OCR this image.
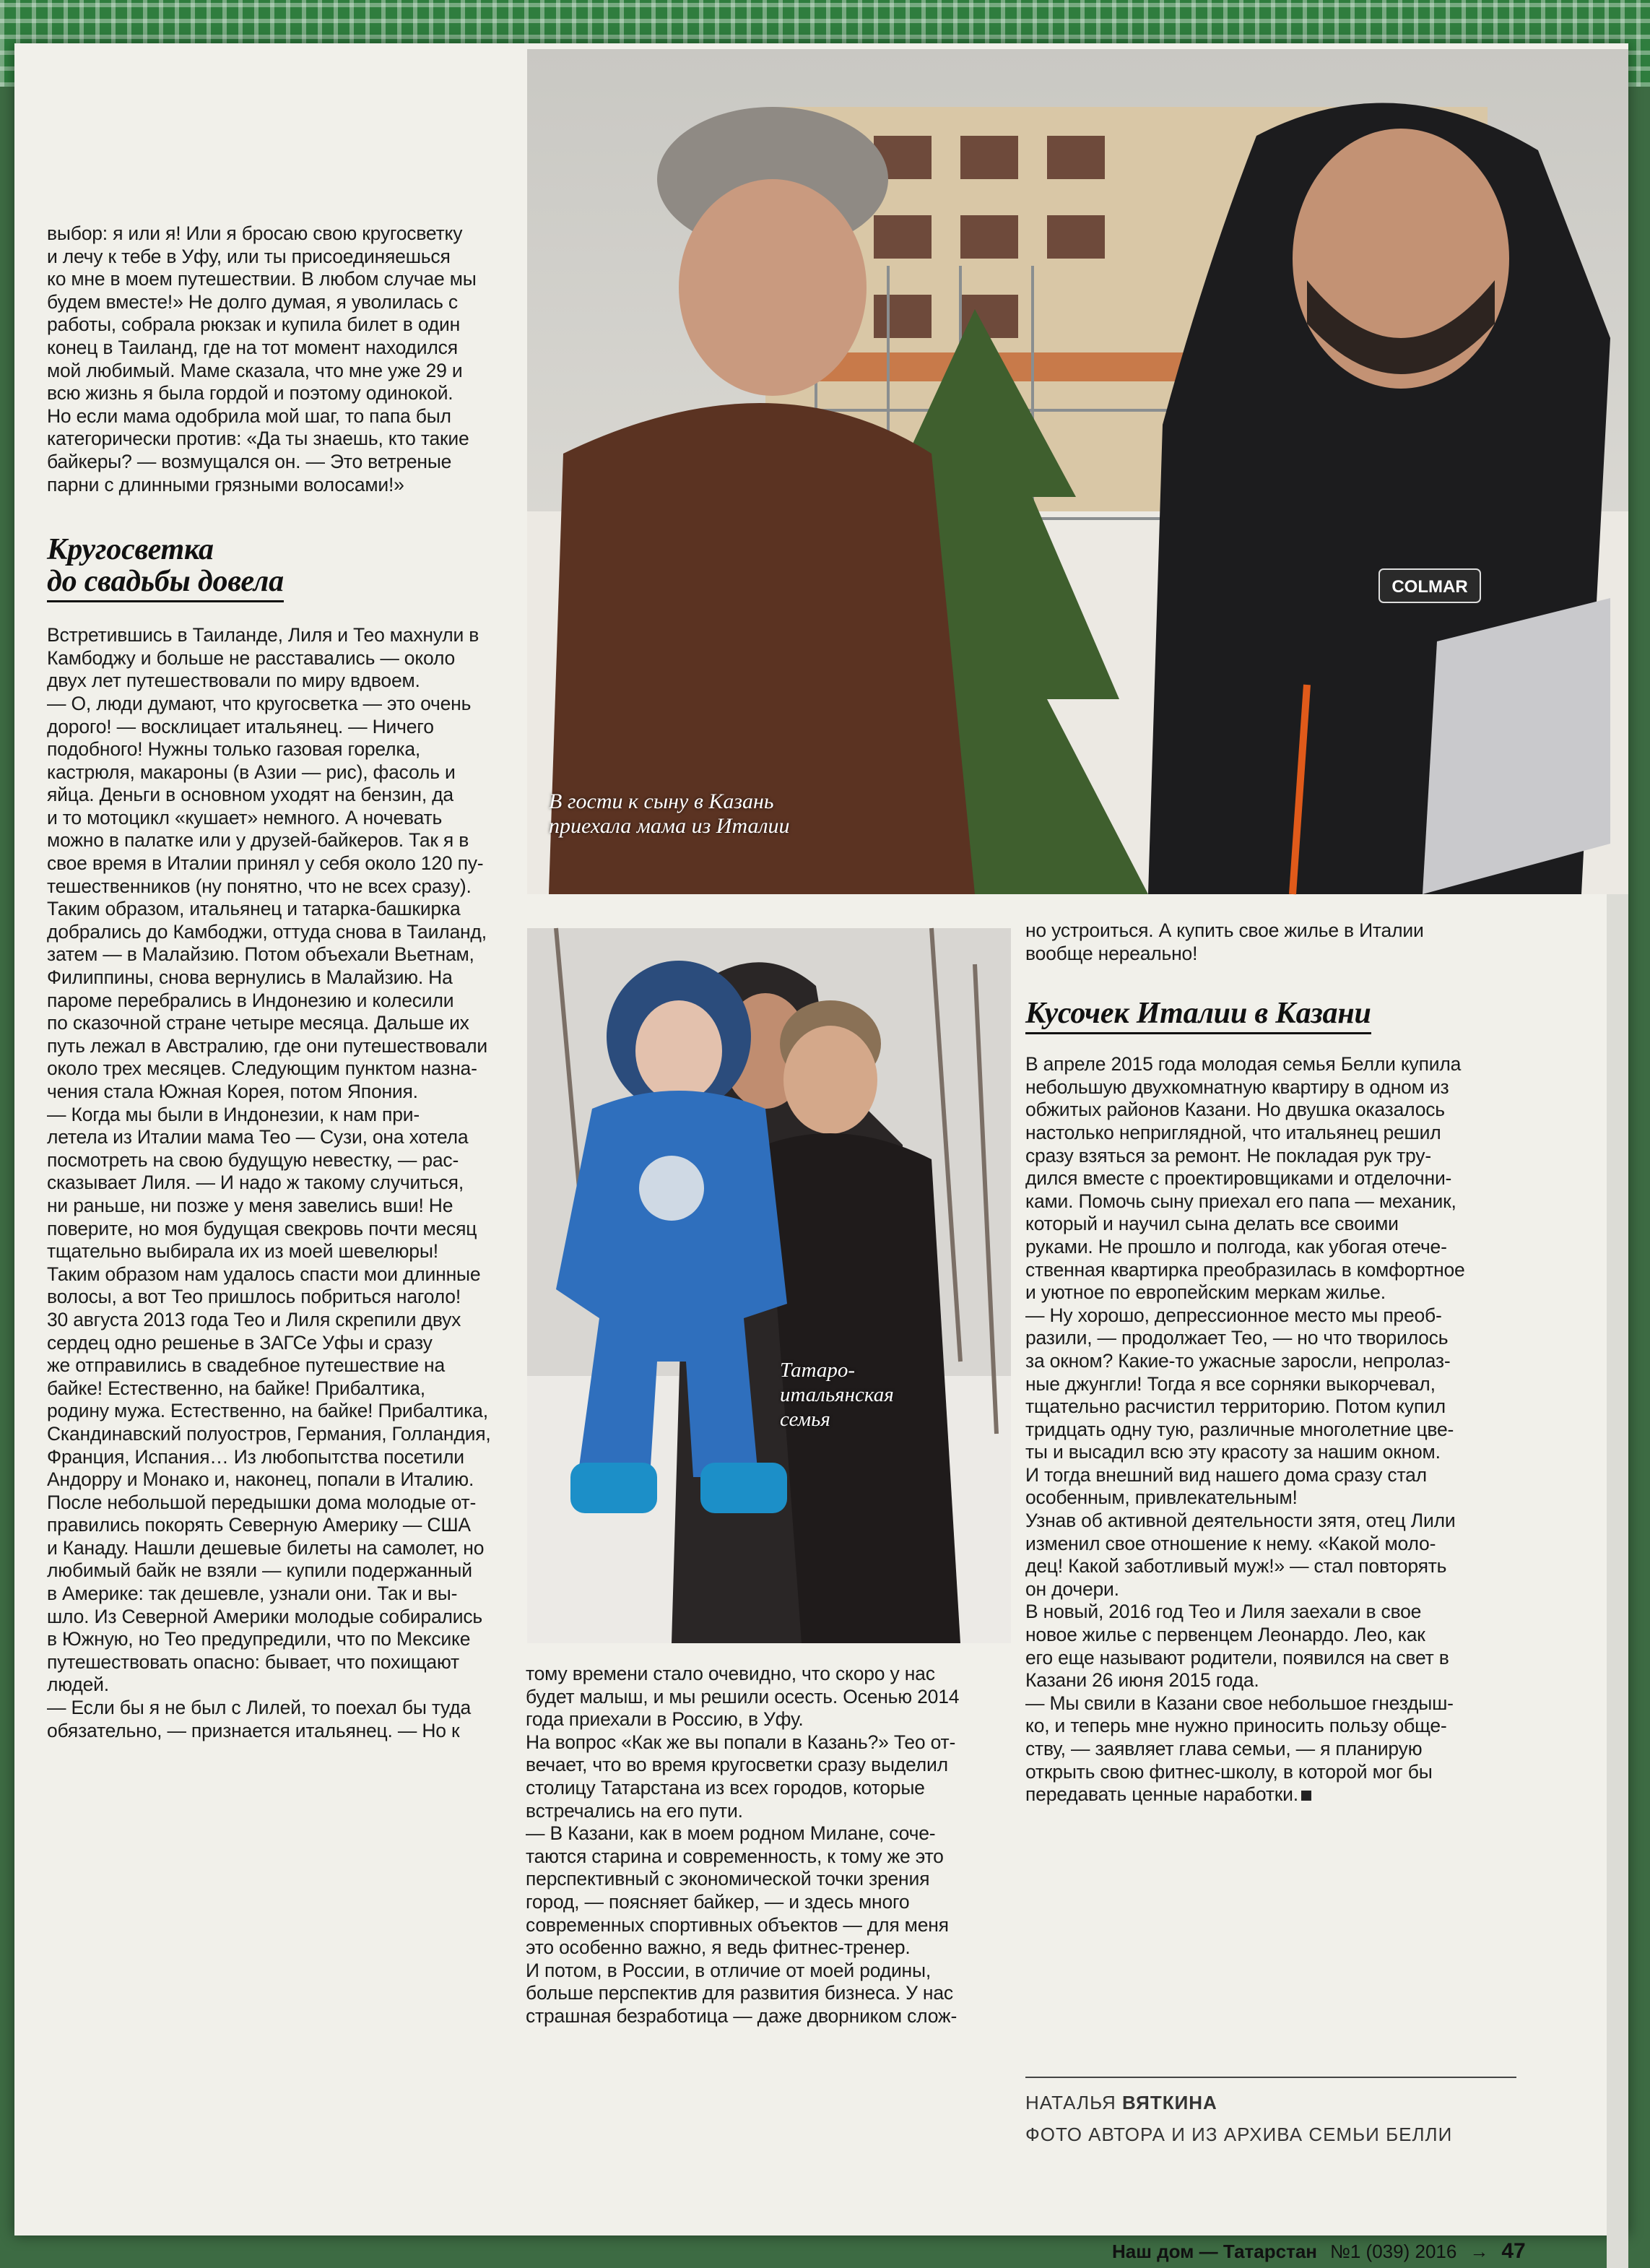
выбор: я или я! Или я бросаю свою кругосветку
и лечу к тебе в Уфу, или ты присоединяешься
ко мне в моем путешествии. В любом случае мы
будем вместе!» Не долго думая, я уволилась с
работы, собрала рюкзак и купила билет в один
конец в Таиланд, где на тот момент находился
мой любимый. Маме сказала, что мне уже 29 и
всю жизнь я была гордой и поэтому одинокой.
Но если мама одобрила мой шаг, то папа был
категорически против: «Да ты знаешь, кто такие
байкеры? — возмущался он. — Это ветреные
парни с длинными грязными волосами!»

Кругосветка
до свадьбы довела

Встретившись в Таиланде, Лиля и Тео махнули в
Камбоджу и больше не расставались — около
двух лет путешествовали по миру вдвоем.
— О, люди думают, что кругосветка — это очень
дорого! — восклицает итальянец. — Ничего
подобного! Нужны только газовая горелка,
кастрюля, макароны (в Азии — рис), фасоль и
яйца. Деньги в основном уходят на бензин, да
и то мотоцикл «кушает» немного. А ночевать
можно в палатке или у друзей-байкеров. Так я в
свое время в Италии принял у себя около 120 пу-
тешественников (ну понятно, что не всех сразу).
Таким образом, итальянец и татарка-башкирка
добрались до Камбоджи, оттуда снова в Таиланд,
затем — в Малайзию. Потом объехали Вьетнам,
Филиппины, снова вернулись в Малайзию. На
пароме перебрались в Индонезию и колесили
по сказочной стране четыре месяца. Дальше их
путь лежал в Австралию, где они путешествовали
около трех месяцев. Следующим пунктом назна-
чения стала Южная Корея, потом Япония.
— Когда мы были в Индонезии, к нам при-
летела из Италии мама Тео — Сузи, она хотела
посмотреть на свою будущую невестку, — рас-
сказывает Лиля. — И надо ж такому случиться,
ни раньше, ни позже у меня завелись вши! Не
поверите, но моя будущая свекровь почти месяц
тщательно выбирала их из моей шевелюры!
Таким образом нам удалось спасти мои длинные
волосы, а вот Тео пришлось побриться наголо!
30 августа 2013 года Тео и Лиля скрепили двух
сердец одно решенье в ЗАГСе Уфы и сразу
же отправились в свадебное путешествие на
байке! Естественно, на байке! Прибалтика,
родину мужа. Естественно, на байке! Прибалтика,
Скандинавский полуостров, Германия, Голландия,
Франция, Испания… Из любопытства посетили
Андорру и Монако и, наконец, попали в Италию.
После небольшой передышки дома молодые от-
правились покорять Северную Америку — США
и Канаду. Нашли дешевые билеты на самолет, но
любимый байк не взяли — купили подержанный
в Америке: так дешевле, узнали они. Так и вы-
шло. Из Северной Америки молодые собирались
в Южную, но Тео предупредили, что по Мексике
путешествовать опасно: бывает, что похищают
людей.
— Если бы я не был с Лилей, то поехал бы туда
обязательно, — признается итальянец. — Но к

COLMAR
В гости к сыну в Казань
приехала мама из Италии
Татаро-
итальянская
семья

тому времени стало очевидно, что скоро у нас
будет малыш, и мы решили осесть. Осенью 2014
года приехали в Россию, в Уфу.
На вопрос «Как же вы попали в Казань?» Тео от-
вечает, что во время кругосветки сразу выделил
столицу Татарстана из всех городов, которые
встречались на его пути.
— В Казани, как в моем родном Милане, соче-
таются старина и современность, к тому же это
перспективный с экономической точки зрения
город, — поясняет байкер, — и здесь много
современных спортивных объектов — для меня
это особенно важно, я ведь фитнес-тренер.
И потом, в России, в отличие от моей родины,
больше перспектив для развития бизнеса. У нас
страшная безработица — даже дворником слож-

но устроиться. А купить свое жилье в Италии
вообще нереально!

Кусочек Италии в Казани

В апреле 2015 года молодая семья Белли купила
небольшую двухкомнатную квартиру в одном из
обжитых районов Казани. Но двушка оказалось
настолько неприглядной, что итальянец решил
сразу взяться за ремонт. Не покладая рук тру-
дился вместе с проектировщиками и отделочни-
ками. Помочь сыну приехал его папа — механик,
который и научил сына делать все своими
руками. Не прошло и полгода, как убогая отече-
ственная квартирка преобразилась в комфортное
и уютное по европейским меркам жилье.
— Ну хорошо, депрессионное место мы преоб-
разили, — продолжает Тео, — но что творилось
за окном? Какие-то ужасные заросли, непролаз-
ные джунгли! Тогда я все сорняки выкорчевал,
тщательно расчистил территорию. Потом купил
тридцать одну тую, различные многолетние цве-
ты и высадил всю эту красоту за нашим окном.
И тогда внешний вид нашего дома сразу стал
особенным, привлекательным!
Узнав об активной деятельности зятя, отец Лили
изменил свое отношение к нему. «Какой моло-
дец! Какой заботливый муж!» — стал повторять
он дочери.
В новый, 2016 год Тео и Лиля заехали в свое
новое жилье с первенцем Леонардо. Лео, как
его еще называют родители, появился на свет в
Казани 26 июня 2015 года.
— Мы свили в Казани свое небольшое гнездыш-
ко, и теперь мне нужно приносить пользу обще-
ству, — заявляет глава семьи, — я планирую
открыть свою фитнес-школу, в которой мог бы
передавать ценные наработки.

НАТАЛЬЯ ВЯТКИНА
ФОТО АВТОРА И ИЗ АРХИВА СЕМЬИ БЕЛЛИ
Наш дом — Татарстан №1 (039) 2016 → 47
